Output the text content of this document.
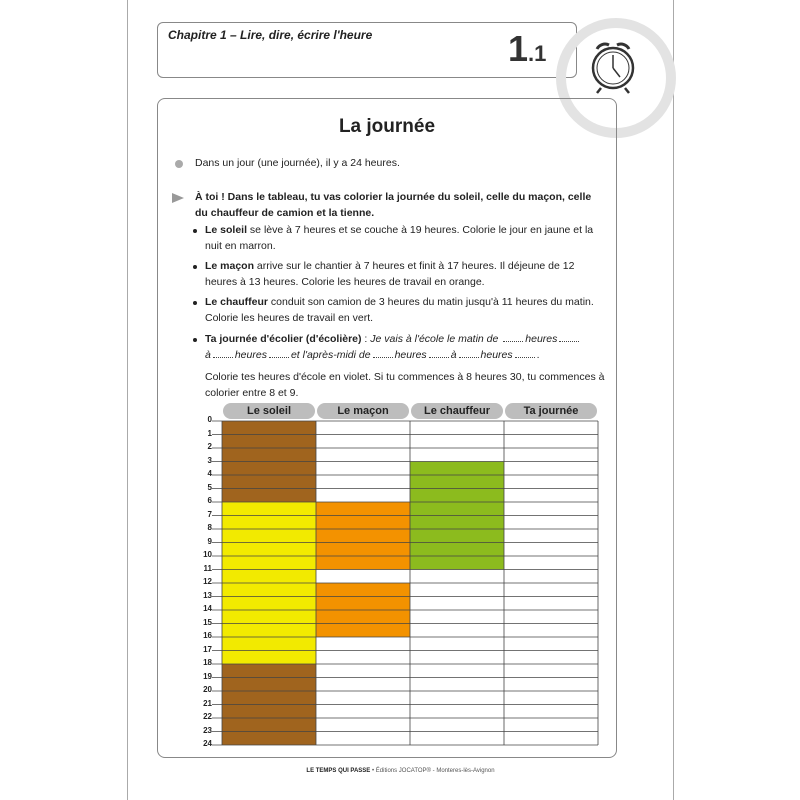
Chapitre 1 – Lire, dire, écrire l'heure	1.1
La journée
Dans un jour (une journée), il y a 24 heures.
À toi ! Dans le tableau, tu vas colorier la journée du soleil, celle du maçon, celle du chauffeur de camion et la tienne.
Le soleil se lève à 7 heures et se couche à 19 heures. Colorie le jour en jaune et la nuit en marron.
Le maçon arrive sur le chantier à 7 heures et finit à 17 heures. Il déjeune de 12 heures à 13 heures. Colorie les heures de travail en orange.
Le chauffeur conduit son camion de 3 heures du matin jusqu'à 11 heures du matin. Colorie les heures de travail en vert.
Ta journée d'écolier (d'écolière) : Je vais à l'école le matin de	heures
à heures et l'après-midi de heures à heures .
Colorie tes heures d'école en violet. Si tu commences à 8 heures 30, tu commences à colorier entre 8 et 9.
Le soleil	Le maçon	Le chauffeur	Ta journée
0
1
2
3
4
5
6
7
8
9
10
11
12
13
14
15
16
17
18
19
20
21
22
23
24
LE TEMPS QUI PASSE • Éditions JOCATOP® - Monteres-lès-Avignon
